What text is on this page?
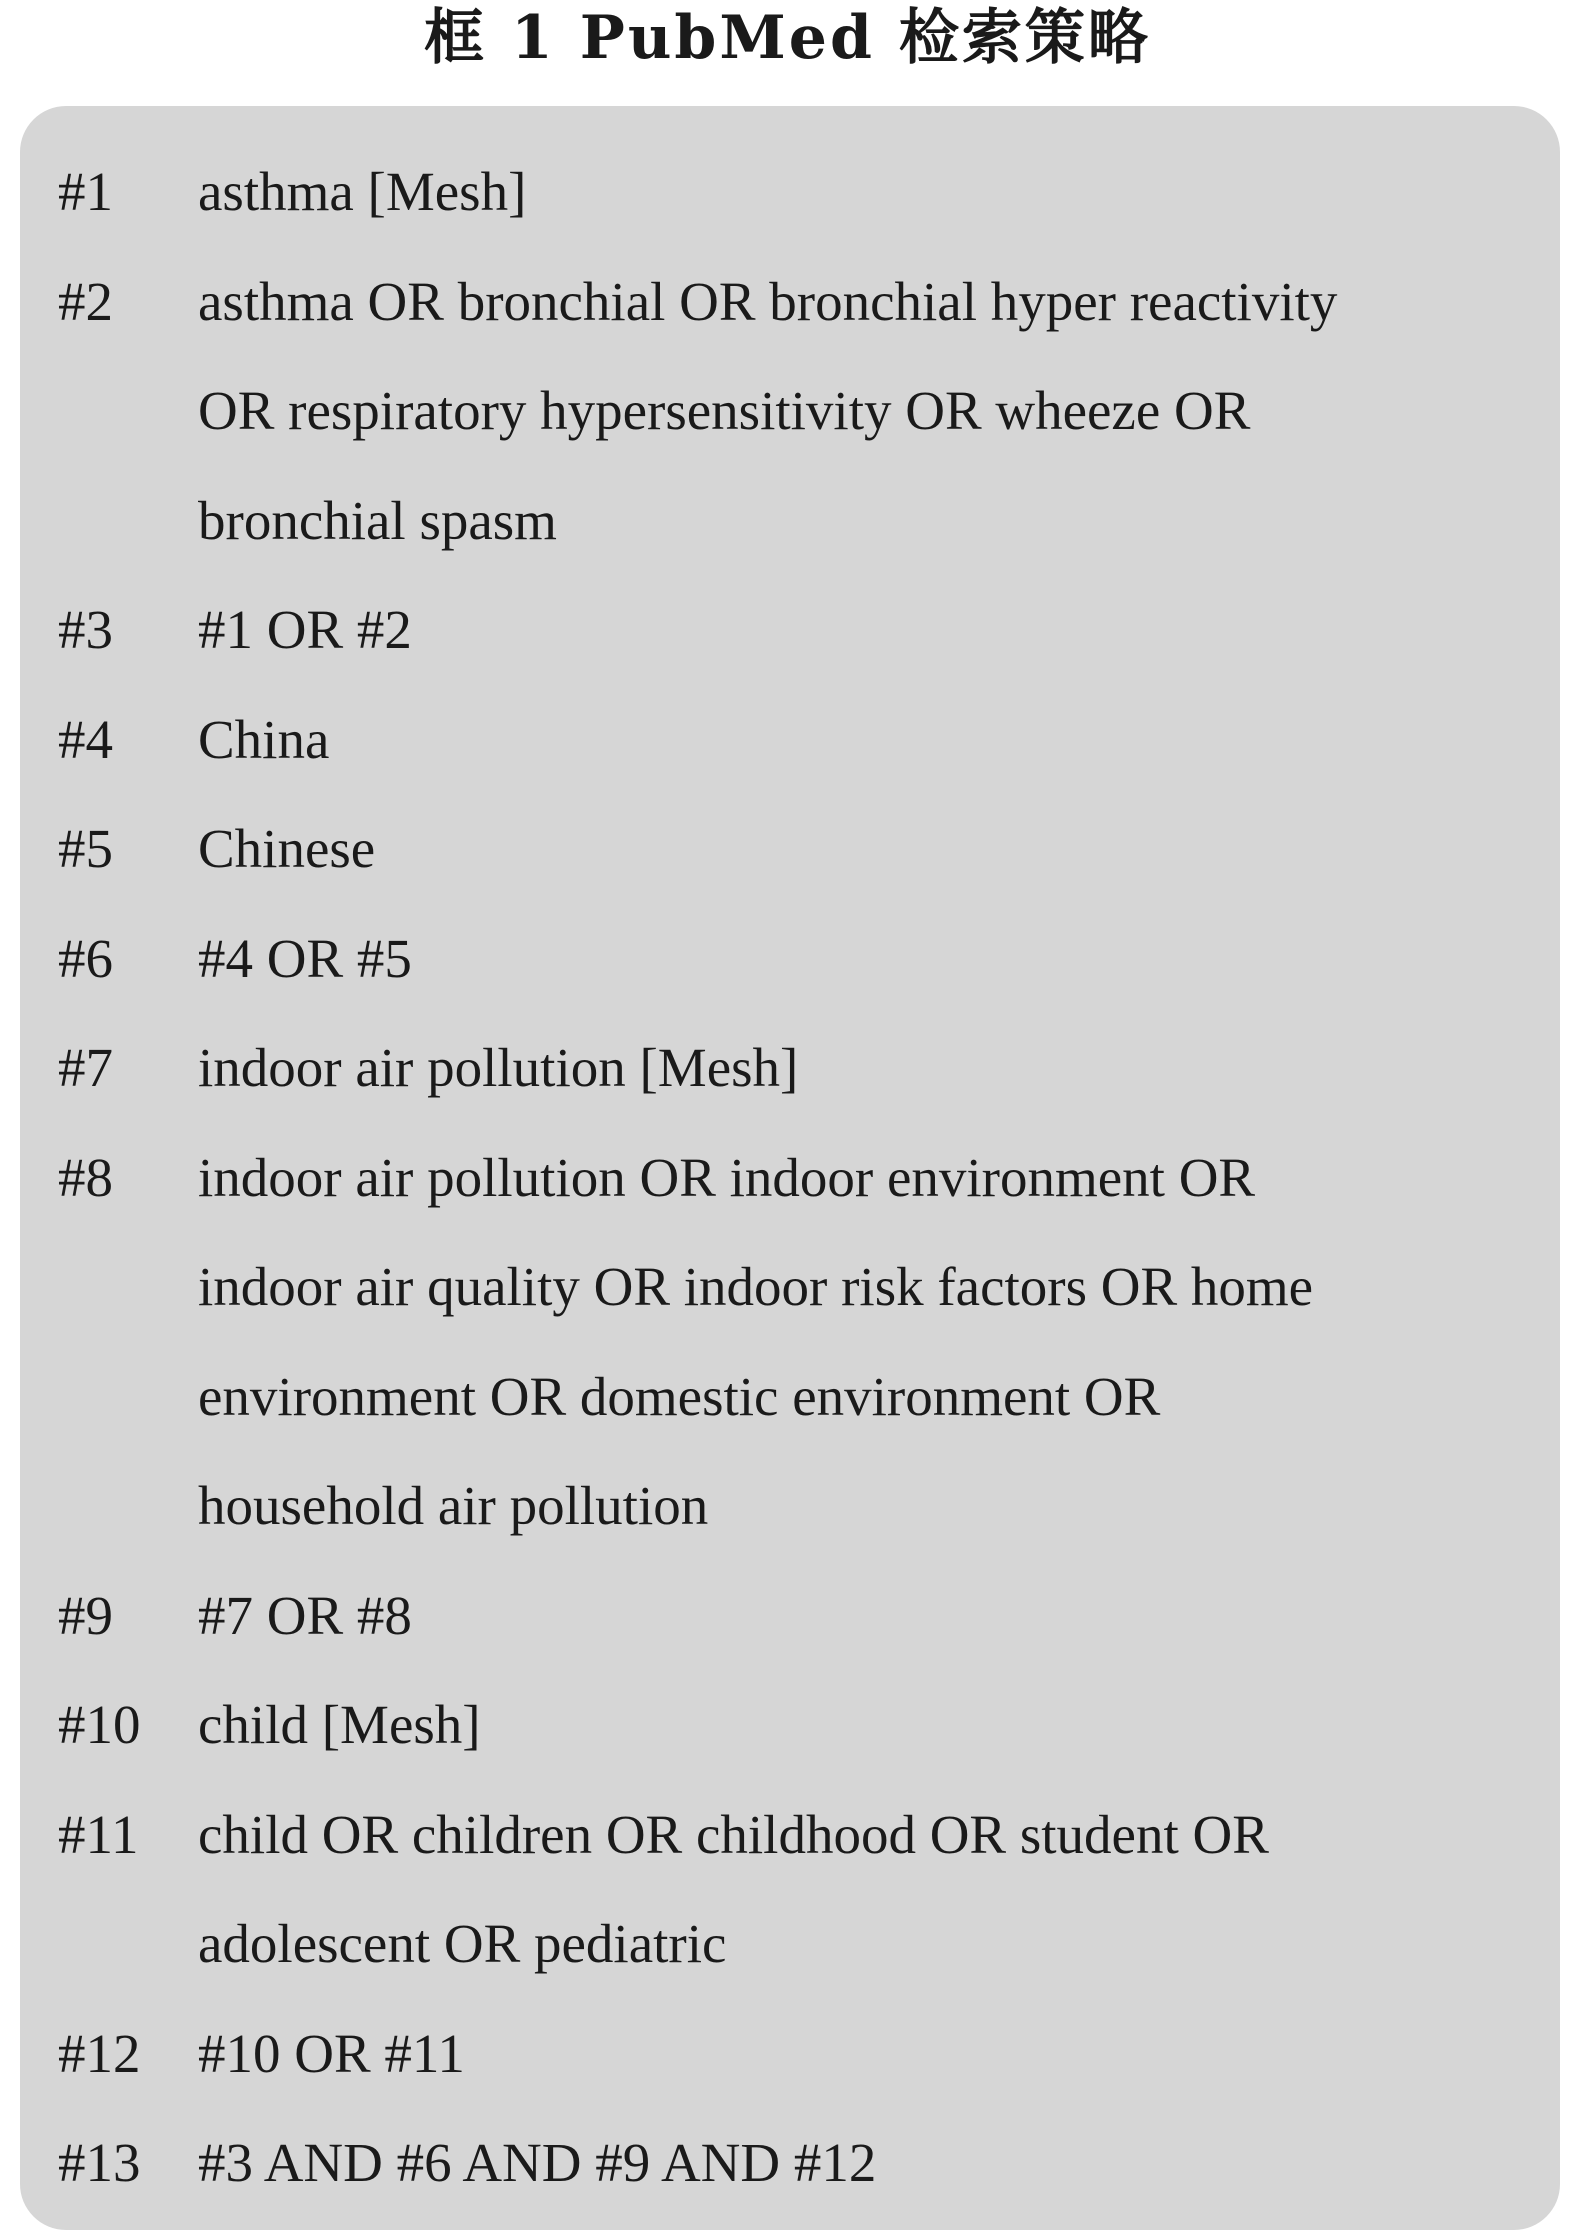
框 1 PubMed 检索策略
#1	asthma [Mesh]
#2	asthma OR bronchial OR bronchial hyper reactivity
OR respiratory hypersensitivity OR wheeze OR
bronchial spasm
#3	#1 OR #2
#4	China
#5	Chinese
#6	#4 OR #5
#7	indoor air pollution [Mesh]
#8	indoor air pollution OR indoor environment OR
indoor air quality OR indoor risk factors OR home
environment OR domestic environment OR
household air pollution
#9	#7 OR #8
#10	child [Mesh]
#11	child OR children OR childhood OR student OR
adolescent OR pediatric
#12	#10 OR #11
#13	#3 AND #6 AND #9 AND #12
